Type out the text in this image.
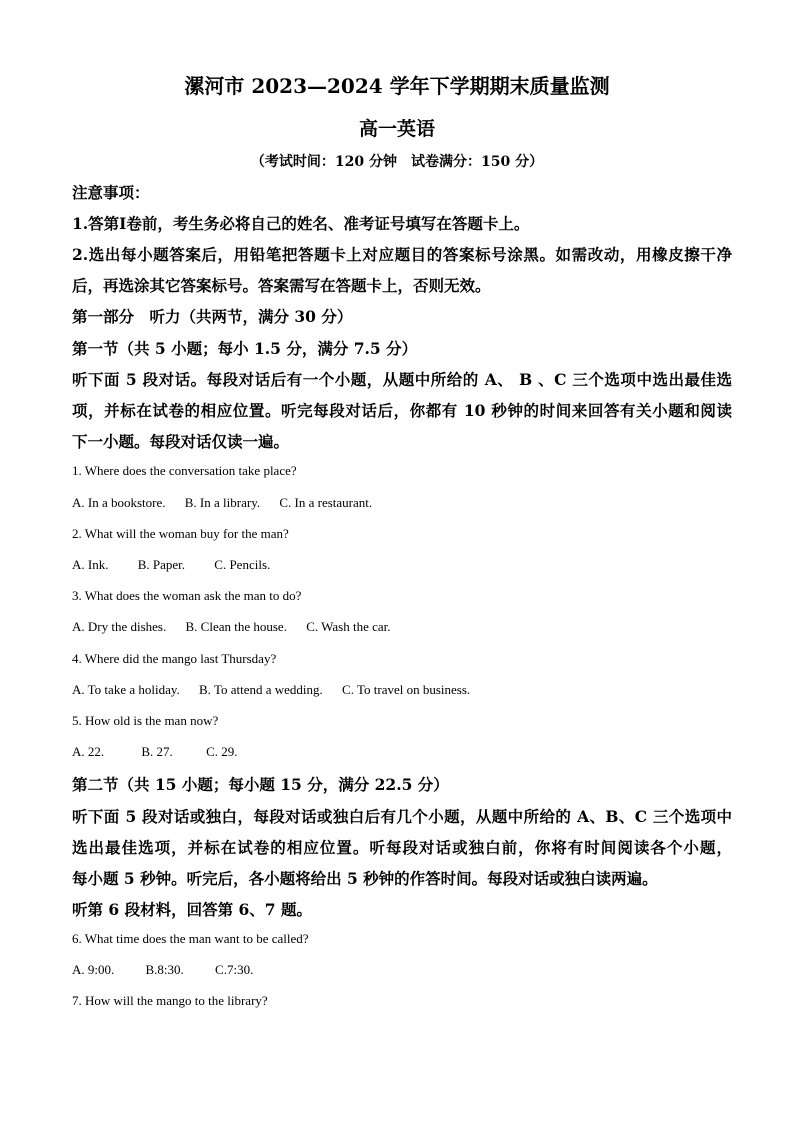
漯河市 2023—2024 学年下学期期末质量监测
高一英语
（考试时间：120 分钟　试卷满分：150 分）
注意事项：
1.答第Ⅰ卷前，考生务必将自己的姓名、准考证号填写在答题卡上。
2.选出每小题答案后，用铅笔把答题卡上对应题目的答案标号涂黑。如需改动，用橡皮擦干净
后，再选涂其它答案标号。答案需写在答题卡上，否则无效。
第一部分　听力（共两节，满分 30 分）
第一节（共 5 小题；每小 1.5 分，满分 7.5 分）
听下面 5 段对话。每段对话后有一个小题，从题中所给的 A、 B 、C 三个选项中选出最佳选
项，并标在试卷的相应位置。听完每段对话后，你都有 10 秒钟的时间来回答有关小题和阅读
下一小题。每段对话仅读一遍。
1. Where does the conversation take place?
A. In a bookstore. B. In a library. C. In a restaurant.
2. What will the woman buy for the man?
A. Ink. B. Paper. C. Pencils.
3. What does the woman ask the man to do?
A. Dry the dishes. B. Clean the house. C. Wash the car.
4. Where did the mango last Thursday?
A. To take a holiday. B. To attend a wedding. C. To travel on business.
5. How old is the man now?
A. 22.	B. 27.	C. 29.
第二节（共 15 小题；每小题 15 分，满分 22.5 分）
听下面 5 段对话或独白，每段对话或独白后有几个小题，从题中所给的 A、B、C 三个选项中
选出最佳选项，并标在试卷的相应位置。听每段对话或独白前，你将有时间阅读各个小题，
每小题 5 秒钟。听完后，各小题将给出 5 秒钟的作答时间。每段对话或独白读两遍。
听第 6 段材料，回答第 6、7 题。
6. What time does the man want to be called?
A. 9:00. B.8:30. C.7:30.
7. How will the mango to the library?
